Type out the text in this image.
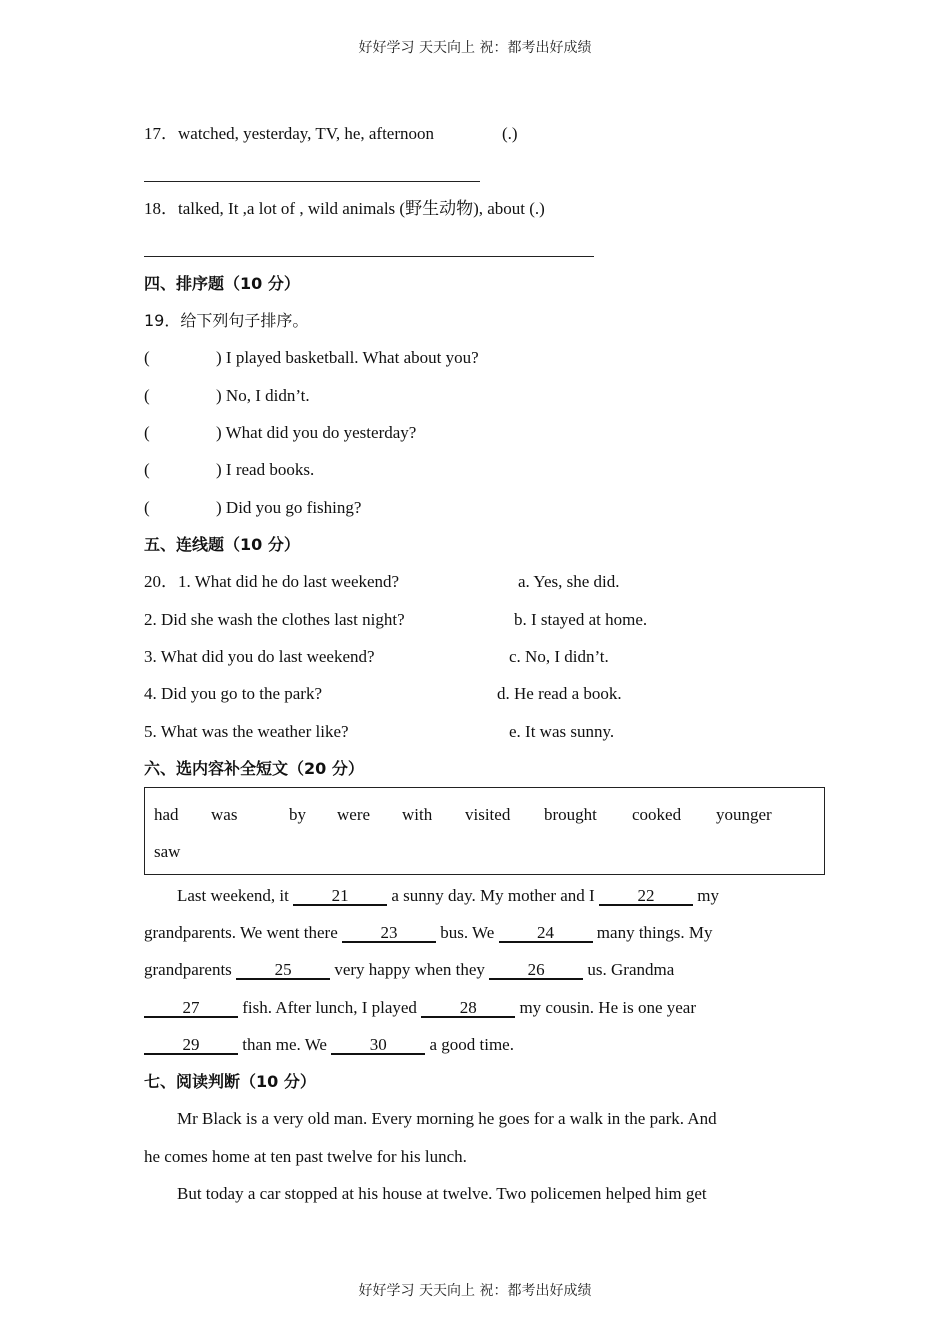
好好学习 天天向上 祝：都考出好成绩
17．watched, yesterday, TV, he, afternoon	(.)
18．talked, It ,a lot of , wild animals (野生动物), about (.)
四、排序题（10 分）
19．给下列句子排序。
(	) I played basketball. What about you?
(	) No, I didn’t.
(	) What did you do yesterday?
(	) I read books.
(	) Did you go fishing?
五、连线题（10 分）
20．1. What did he do last weekend?	a. Yes, she did.
2. Did she wash the clothes last night?	b. I stayed at home.
3. What did you do last weekend?	c. No, I didn’t.
4. Did you go to the park?	d. He read a book.
5. What was the weather like?	e. It was sunny.
六、选内容补全短文（20 分）
had was	by were with visited brought cooked younger
saw
Last weekend, it 21 a sunny day. My mother and I 22 my
grandparents. We went there 23 bus. We 24 many things. My
grandparents 25 very happy when they 26 us. Grandma
27 fish. After lunch, I played 28 my cousin. He is one year
29 than me. We 30 a good time.
七、阅读判断（10 分）
Mr Black is a very old man. Every morning he goes for a walk in the park. And
he comes home at ten past twelve for his lunch.
But today a car stopped at his house at twelve. Two policemen helped him get
好好学习 天天向上 祝：都考出好成绩
